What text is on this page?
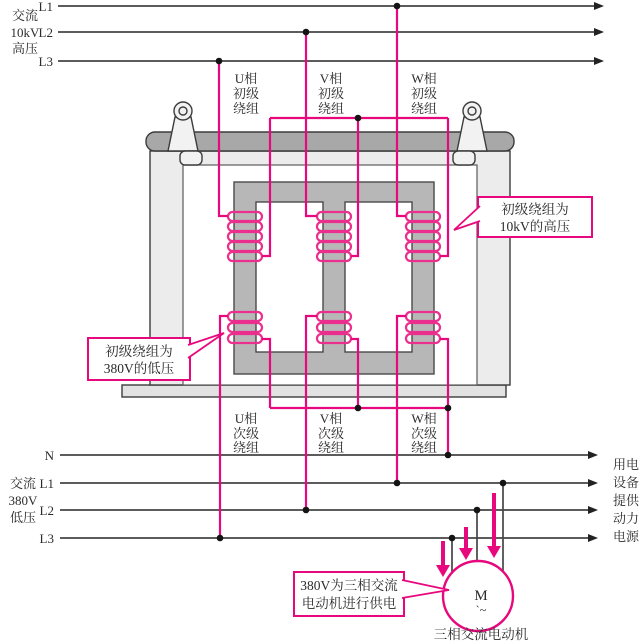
M
`~
交流
10kV
高压
L1
L2
L3
U相
初级
绕组
V相
初级
绕组
W相
初级
绕组
U相
次级
绕组
V相
次级
绕组
W相
次级
绕组
交流
380V
低压
N
L1
L2
L3
用电
设备
提供
动力
电源
初级绕组为
10kV的高压
初级绕组为
380V的低压
380V为三相交流
电动机进行供电
三相交流电动机
